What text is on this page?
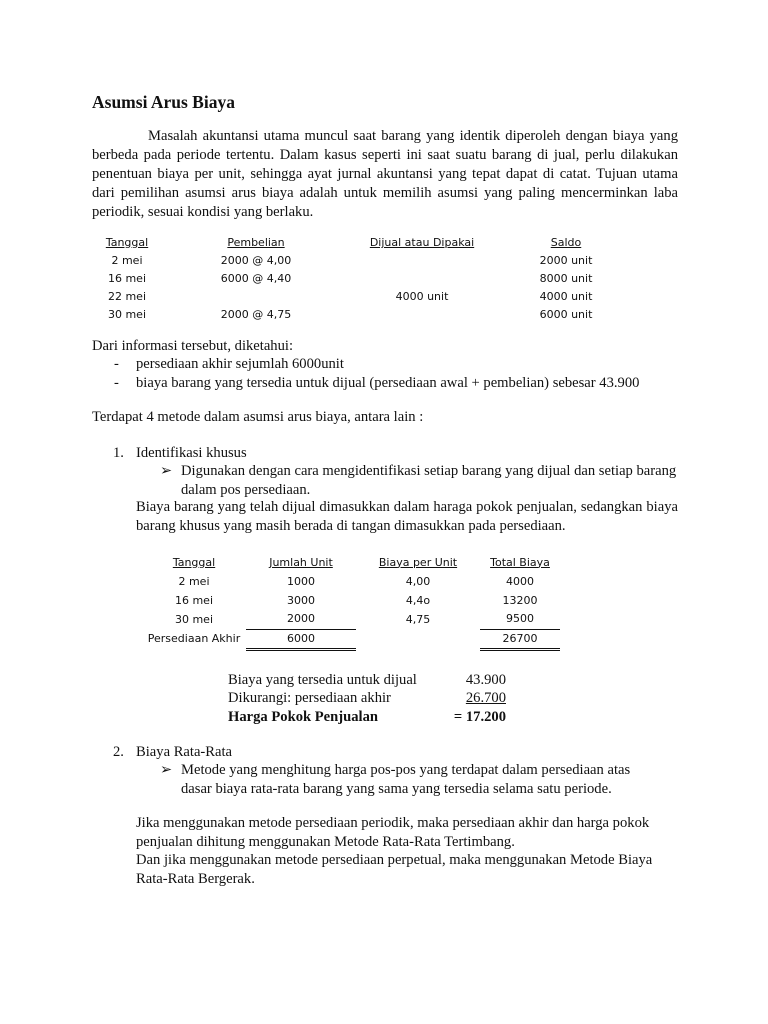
Asumsi Arus Biaya

Masalah akuntansi utama muncul saat barang yang identik diperoleh dengan biaya yang berbeda pada periode tertentu. Dalam kasus seperti ini saat suatu barang di jual, perlu dilakukan penentuan biaya per unit, sehingga ayat jurnal akuntansi yang tepat dapat di catat. Tujuan utama dari pemilihan asumsi arus biaya adalah untuk memilih asumsi yang paling mencerminkan laba periodik, sesuai kondisi yang berlaku.

Tanggal	Pembelian	Dijual atau Dipakai	Saldo
2 mei	2000 @ 4,00		2000 unit
16 mei	6000 @ 4,40		8000 unit
22 mei		4000 unit	4000 unit
30 mei	2000 @ 4,75		6000 unit
Dari informasi tersebut, diketahui:
- persediaan akhir sejumlah 6000unit
- biaya barang yang tersedia untuk dijual (persediaan awal + pembelian) sebesar 43.900
Terdapat 4 metode dalam asumsi arus biaya, antara lain :
1. Identifikasi khusus
➢ Digunakan dengan cara mengidentifikasi setiap barang yang dijual dan setiap barang dalam pos persediaan.
Biaya barang yang telah dijual dimasukkan dalam haraga pokok penjualan, sedangkan biaya barang khusus yang masih berada di tangan dimasukkan pada persediaan.
Tanggal	Jumlah Unit	Biaya per Unit	Total Biaya
2 mei	1000	4,00	4000
16 mei	3000	4,4o	13200
30 mei	2000	4,75	9500
Persediaan Akhir	6000		26700
Biaya yang tersedia untuk dijual	43.900
Dikurangi: persediaan akhir	26.700
Harga Pokok Penjualan	= 17.200
2. Biaya Rata-Rata
➢ Metode yang menghitung harga pos-pos yang terdapat dalam persediaan atas dasar biaya rata-rata barang yang sama yang tersedia selama satu periode.
Jika menggunakan metode persediaan periodik, maka persediaan akhir dan harga pokok penjualan dihitung menggunakan Metode Rata-Rata Tertimbang.
Dan jika menggunakan metode persediaan perpetual, maka menggunakan Metode Biaya Rata-Rata Bergerak.
